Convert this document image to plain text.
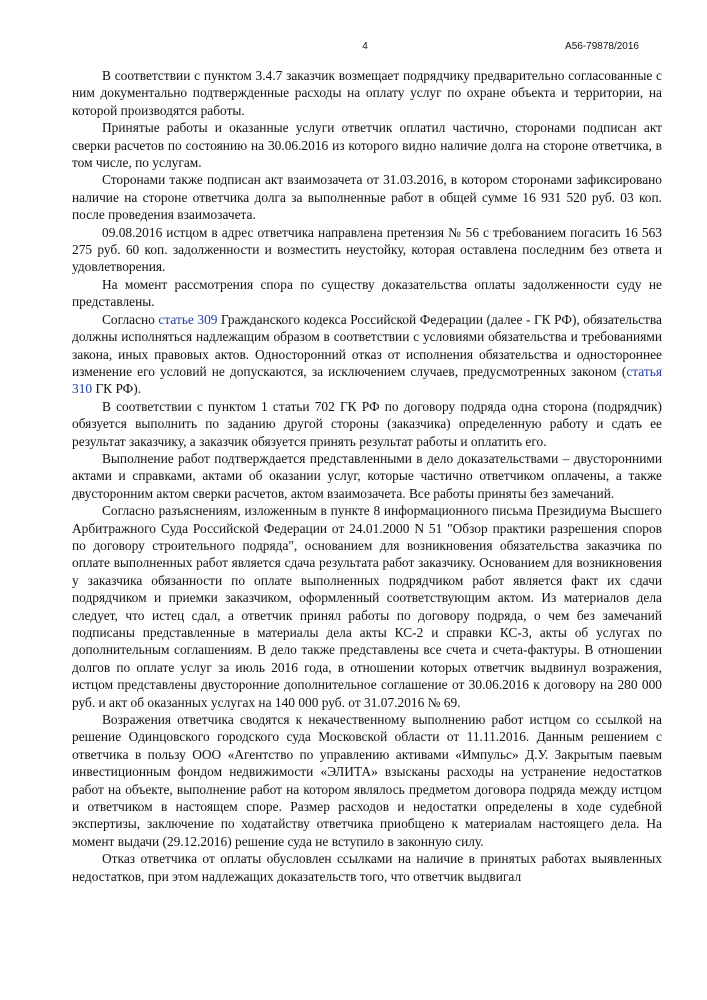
4	А56-79878/2016

В соответствии с пунктом 3.4.7 заказчик возмещает подрядчику предварительно согласованные с ним документально подтвержденные расходы на оплату услуг по охране объекта и территории, на которой производятся работы.

Принятые работы и оказанные услуги ответчик оплатил частично, сторонами подписан акт сверки расчетов по состоянию на 30.06.2016 из которого видно наличие долга на стороне ответчика, в том числе, по услугам.

Сторонами также подписан акт взаимозачета от 31.03.2016, в котором сторонами зафиксировано наличие на стороне ответчика долга за выполненные работ в общей сумме 16 931 520 руб. 03 коп. после проведения взаимозачета.

09.08.2016 истцом в адрес ответчика направлена претензия № 56 с требованием погасить 16 563 275 руб. 60 коп. задолженности и возместить неустойку, которая оставлена последним без ответа и удовлетворения.

На момент рассмотрения спора по существу доказательства оплаты задолженности суду не представлены.

Согласно статье 309 Гражданского кодекса Российской Федерации (далее - ГК РФ), обязательства должны исполняться надлежащим образом в соответствии с условиями обязательства и требованиями закона, иных правовых актов. Односторонний отказ от исполнения обязательства и одностороннее изменение его условий не допускаются, за исключением случаев, предусмотренных законом (статья 310 ГК РФ).

В соответствии с пунктом 1 статьи 702 ГК РФ по договору подряда одна сторона (подрядчик) обязуется выполнить по заданию другой стороны (заказчика) определенную работу и сдать ее результат заказчику, а заказчик обязуется принять результат работы и оплатить его.

Выполнение работ подтверждается представленными в дело доказательствами – двусторонними актами и справками, актами об оказании услуг, которые частично ответчиком оплачены, а также двусторонним актом сверки расчетов, актом взаимозачета. Все работы приняты без замечаний.

Согласно разъяснениям, изложенным в пункте 8 информационного письма Президиума Высшего Арбитражного Суда Российской Федерации от 24.01.2000 N 51 "Обзор практики разрешения споров по договору строительного подряда", основанием для возникновения обязательства заказчика по оплате выполненных работ является сдача результата работ заказчику. Основанием для возникновения у заказчика обязанности по оплате выполненных подрядчиком работ является факт их сдачи подрядчиком и приемки заказчиком, оформленный соответствующим актом. Из материалов дела следует, что истец сдал, а ответчик принял работы по договору подряда, о чем без замечаний подписаны представленные в материалы дела акты КС-2 и справки КС-3, акты об услугах по дополнительным соглашениям. В дело также представлены все счета и счета-фактуры. В отношении долгов по оплате услуг за июль 2016 года, в отношении которых ответчик выдвинул возражения, истцом представлены двусторонние дополнительное соглашение от 30.06.2016 к договору на 280 000 руб. и акт об оказанных услугах на 140 000 руб. от 31.07.2016 № 69.

Возражения ответчика сводятся к некачественному выполнению работ истцом со ссылкой на решение Одинцовского городского суда Московской области от 11.11.2016. Данным решением с ответчика в пользу ООО «Агентство по управлению активами «Импульс» Д.У. Закрытым паевым инвестиционным фондом недвижимости «ЭЛИТА» взысканы расходы на устранение недостатков работ на объекте, выполнение работ на котором являлось предметом договора подряда между истцом и ответчиком в настоящем споре. Размер расходов и недостатки определены в ходе судебной экспертизы, заключение по ходатайству ответчика приобщено к материалам настоящего дела. На момент выдачи (29.12.2016) решение суда не вступило в законную силу.

Отказ ответчика от оплаты обусловлен ссылками на наличие в принятых работах выявленных недостатков, при этом надлежащих доказательств того, что ответчик выдвигал
